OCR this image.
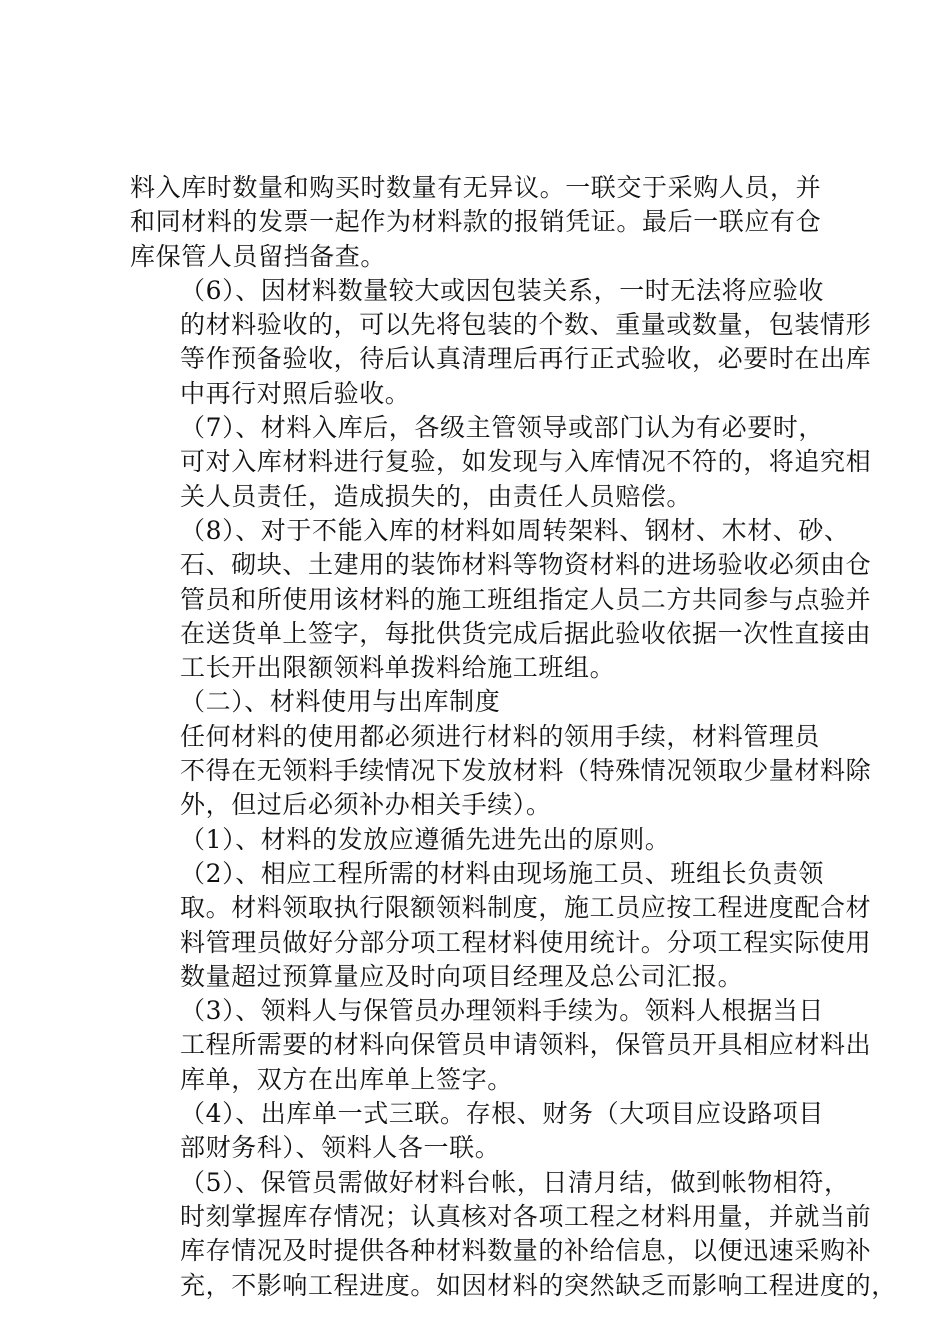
料入库时数量和购买时数量有无异议。一联交于采购人员，并
和同材料的发票一起作为材料款的报销凭证。最后一联应有仓
库保管人员留挡备查。
（6）、因材料数量较大或因包装关系，一时无法将应验收
的材料验收的，可以先将包装的个数、重量或数量，包装情形
等作预备验收，待后认真清理后再行正式验收，必要时在出库
中再行对照后验收。
（7）、材料入库后，各级主管领导或部门认为有必要时，
可对入库材料进行复验，如发现与入库情况不符的，将追究相
关人员责任，造成损失的，由责任人员赔偿。
（8）、对于不能入库的材料如周转架料、钢材、木材、砂、
石、砌块、土建用的装饰材料等物资材料的进场验收必须由仓
管员和所使用该材料的施工班组指定人员二方共同参与点验并
在送货单上签字，每批供货完成后据此验收依据一次性直接由
工长开出限额领料单拨料给施工班组。
（二）、材料使用与出库制度
任何材料的使用都必须进行材料的领用手续，材料管理员
不得在无领料手续情况下发放材料（特殊情况领取少量材料除
外，但过后必须补办相关手续）。
（1）、材料的发放应遵循先进先出的原则。
（2）、相应工程所需的材料由现场施工员、班组长负责领
取。材料领取执行限额领料制度，施工员应按工程进度配合材
料管理员做好分部分项工程材料使用统计。分项工程实际使用
数量超过预算量应及时向项目经理及总公司汇报。
（3）、领料人与保管员办理领料手续为。领料人根据当日
工程所需要的材料向保管员申请领料，保管员开具相应材料出
库单，双方在出库单上签字。
（4）、出库单一式三联。存根、财务（大项目应设路项目
部财务科）、领料人各一联。
（5）、保管员需做好材料台帐，日清月结，做到帐物相符，
时刻掌握库存情况；认真核对各项工程之材料用量，并就当前
库存情况及时提供各种材料数量的补给信息，以便迅速采购补
充，不影响工程进度。如因材料的突然缺乏而影响工程进度的，
